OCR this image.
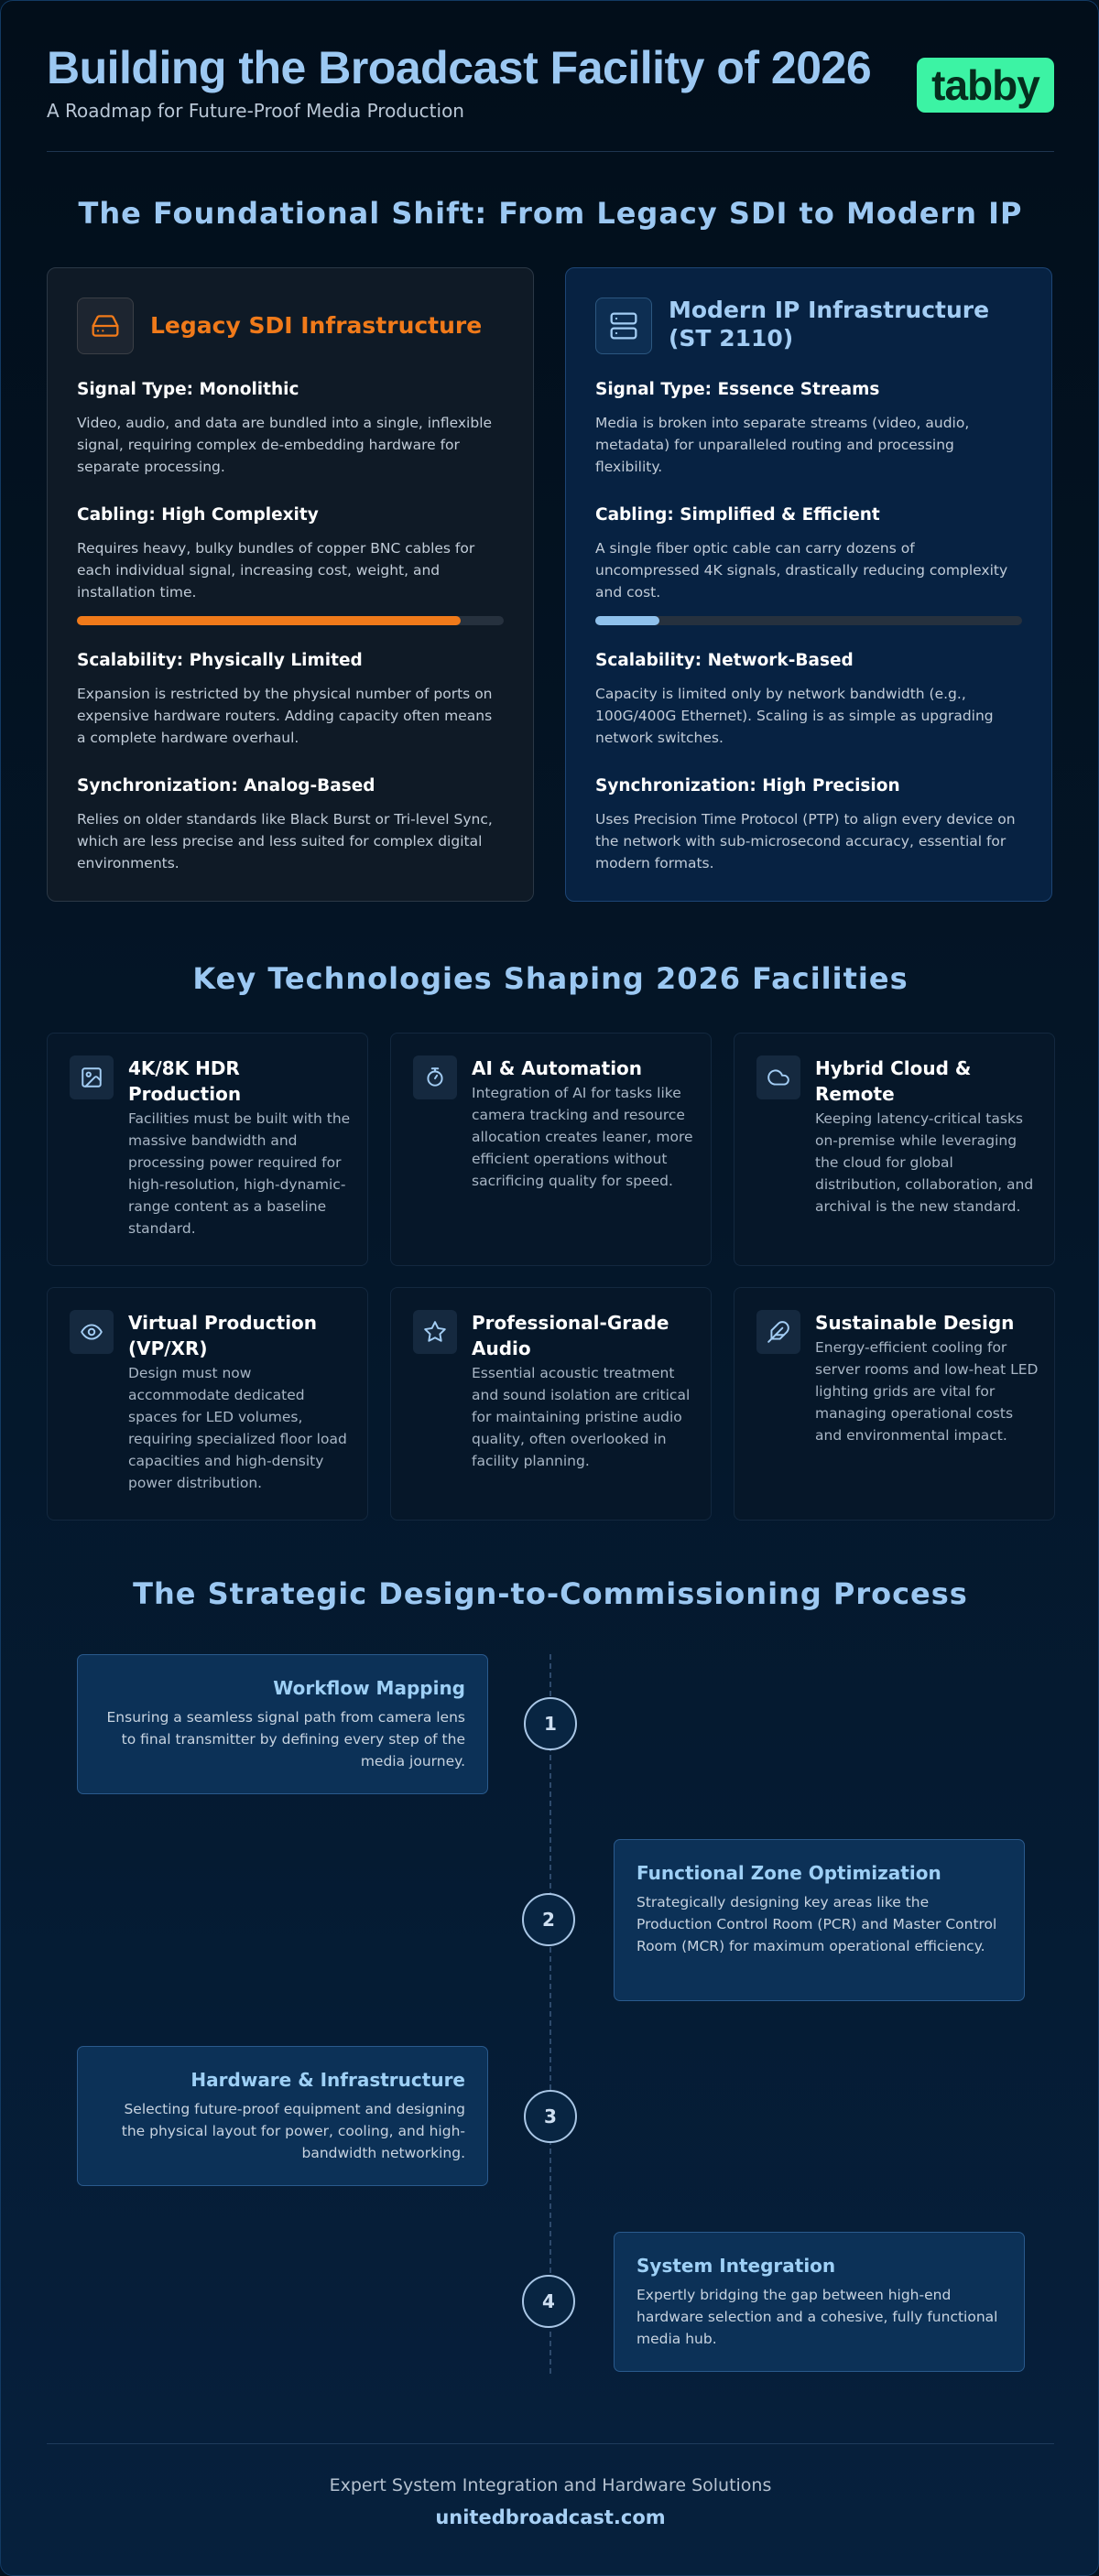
Building the Broadcast Facility of 2026
A Roadmap for Future-Proof Media Production
tabby
The Foundational Shift: From Legacy SDI to Modern IP
Legacy SDI Infrastructure
Signal Type: Monolithic

Video, audio, and data are bundled into a single, inflexible signal, requiring complex de-embedding hardware for separate processing.

Cabling: High Complexity

Requires heavy, bulky bundles of copper BNC cables for each individual signal, increasing cost, weight, and installation time.

Scalability: Physically Limited

Expansion is restricted by the physical number of ports on expensive hardware routers. Adding capacity often means a complete hardware overhaul.

Synchronization: Analog-Based

Relies on older standards like Black Burst or Tri-level Sync, which are less precise and less suited for complex digital environments.

Modern IP Infrastructure (ST 2110)
Signal Type: Essence Streams

Media is broken into separate streams (video, audio, metadata) for unparalleled routing and processing flexibility.

Cabling: Simplified & Efficient

A single fiber optic cable can carry dozens of uncompressed 4K signals, drastically reducing complexity and cost.

Scalability: Network-Based

Capacity is limited only by network bandwidth (e.g., 100G/400G Ethernet). Scaling is as simple as upgrading network switches.

Synchronization: High Precision

Uses Precision Time Protocol (PTP) to align every device on the network with sub-microsecond accuracy, essential for modern formats.

Key Technologies Shaping 2026 Facilities
4K/8K HDR Production

Facilities must be built with the massive bandwidth and processing power required for high-resolution, high-dynamic-range content as a baseline standard.

AI & Automation

Integration of AI for tasks like camera tracking and resource allocation creates leaner, more efficient operations without sacrificing quality for speed.

Hybrid Cloud & Remote

Keeping latency-critical tasks on-premise while leveraging the cloud for global distribution, collaboration, and archival is the new standard.

Virtual Production (VP/XR)

Design must now accommodate dedicated spaces for LED volumes, requiring specialized floor load capacities and high-density power distribution.

Professional-Grade Audio

Essential acoustic treatment and sound isolation are critical for maintaining pristine audio quality, often overlooked in facility planning.

Sustainable Design

Energy-efficient cooling for server rooms and low-heat LED lighting grids are vital for managing operational costs and environmental impact.

The Strategic Design-to-Commissioning Process
Workflow Mapping

Ensuring a seamless signal path from camera lens to final transmitter by defining every step of the media journey.

1
Functional Zone Optimization

Strategically designing key areas like the Production Control Room (PCR) and Master Control Room (MCR) for maximum operational efficiency.

2
Hardware & Infrastructure

Selecting future-proof equipment and designing the physical layout for power, cooling, and high-bandwidth networking.

3
System Integration

Expertly bridging the gap between high-end hardware selection and a cohesive, fully functional media hub.

4
Expert System Integration and Hardware Solutions
unitedbroadcast.com
